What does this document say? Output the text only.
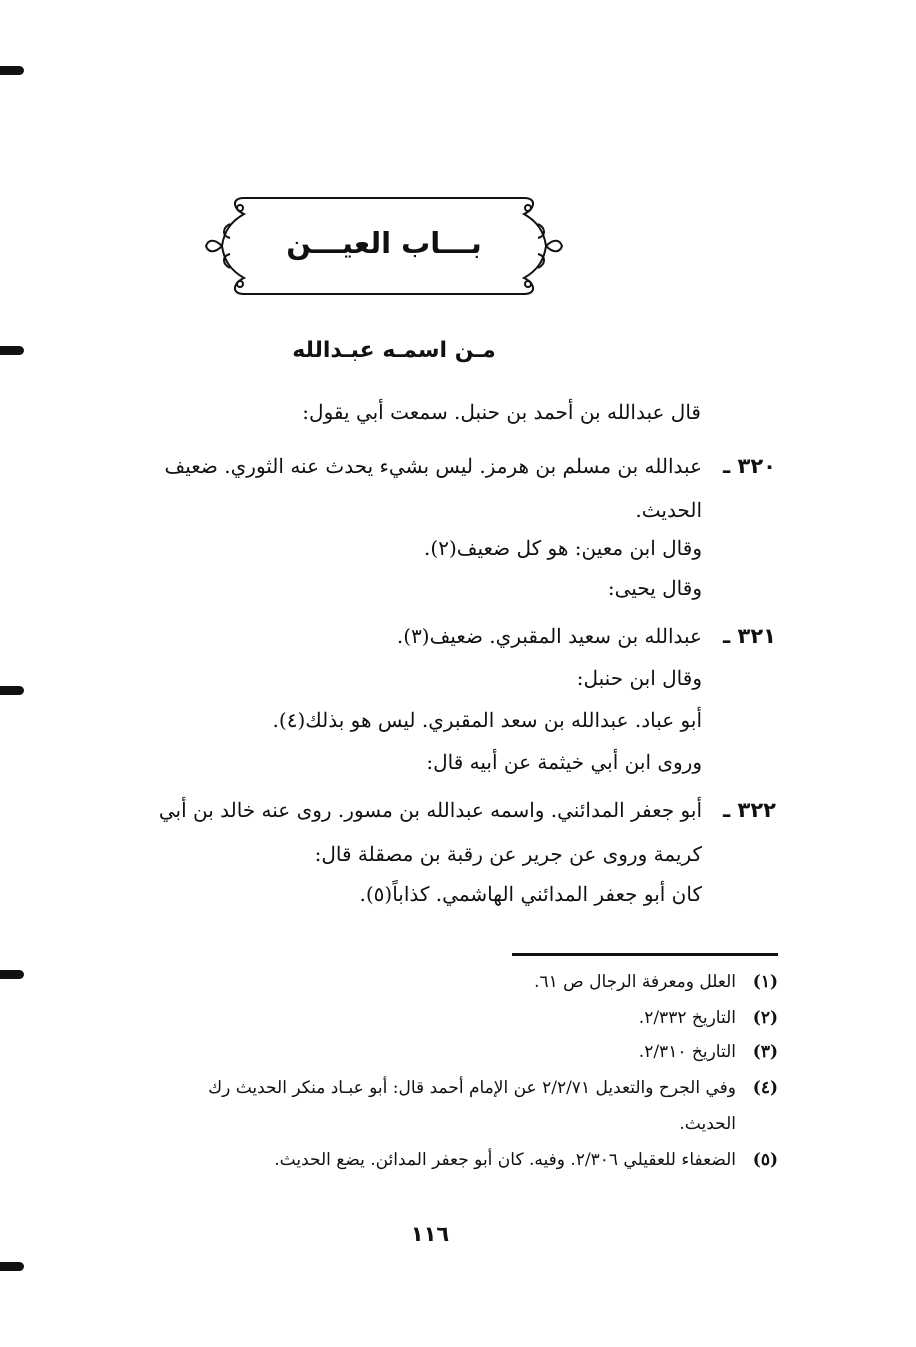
بـــاب العيـــن
مـن اسمـه عبـدالله
قال عبدالله بن أحمد بن حنبل. سمعت أبي يقول:
٣٢٠ ـ
عبدالله بن مسلم بن هرمز. ليس بشيء يحدث عنه الثوري. ضعيف
الحديث.
وقال ابن معين: هو كل ضعيف(٢).
وقال يحيى:
٣٢١ ـ
عبدالله بن سعيد المقبري. ضعيف(٣).
وقال ابن حنبل:
أبو عباد. عبدالله بن سعد المقبري. ليس هو بذلك(٤).
وروى ابن أبي خيثمة عن أبيه قال:
٣٢٢ ـ
أبو جعفر المدائني. واسمه عبدالله بن مسور. روى عنه خالد بن أبي
كريمة وروى عن جرير عن رقبة بن مصقلة قال:
كان أبو جعفر المدائني الهاشمي. كذاباً(٥).
(١)
العلل ومعرفة الرجال ص ٦١.
(٢)
التاريخ ٢/٣٣٢.
(٣)
التاريخ ٢/٣١٠.
(٤)
وفي الجرح والتعديل ٢/٢/٧١ عن الإمام أحمد قال: أبو عبـاد منكر الحديث رك
الحديث.
(٥)
الضعفاء للعقيلي ٢/٣٠٦. وفيه. كان أبو جعفر المدائن. يضع الحديث.
١١٦
